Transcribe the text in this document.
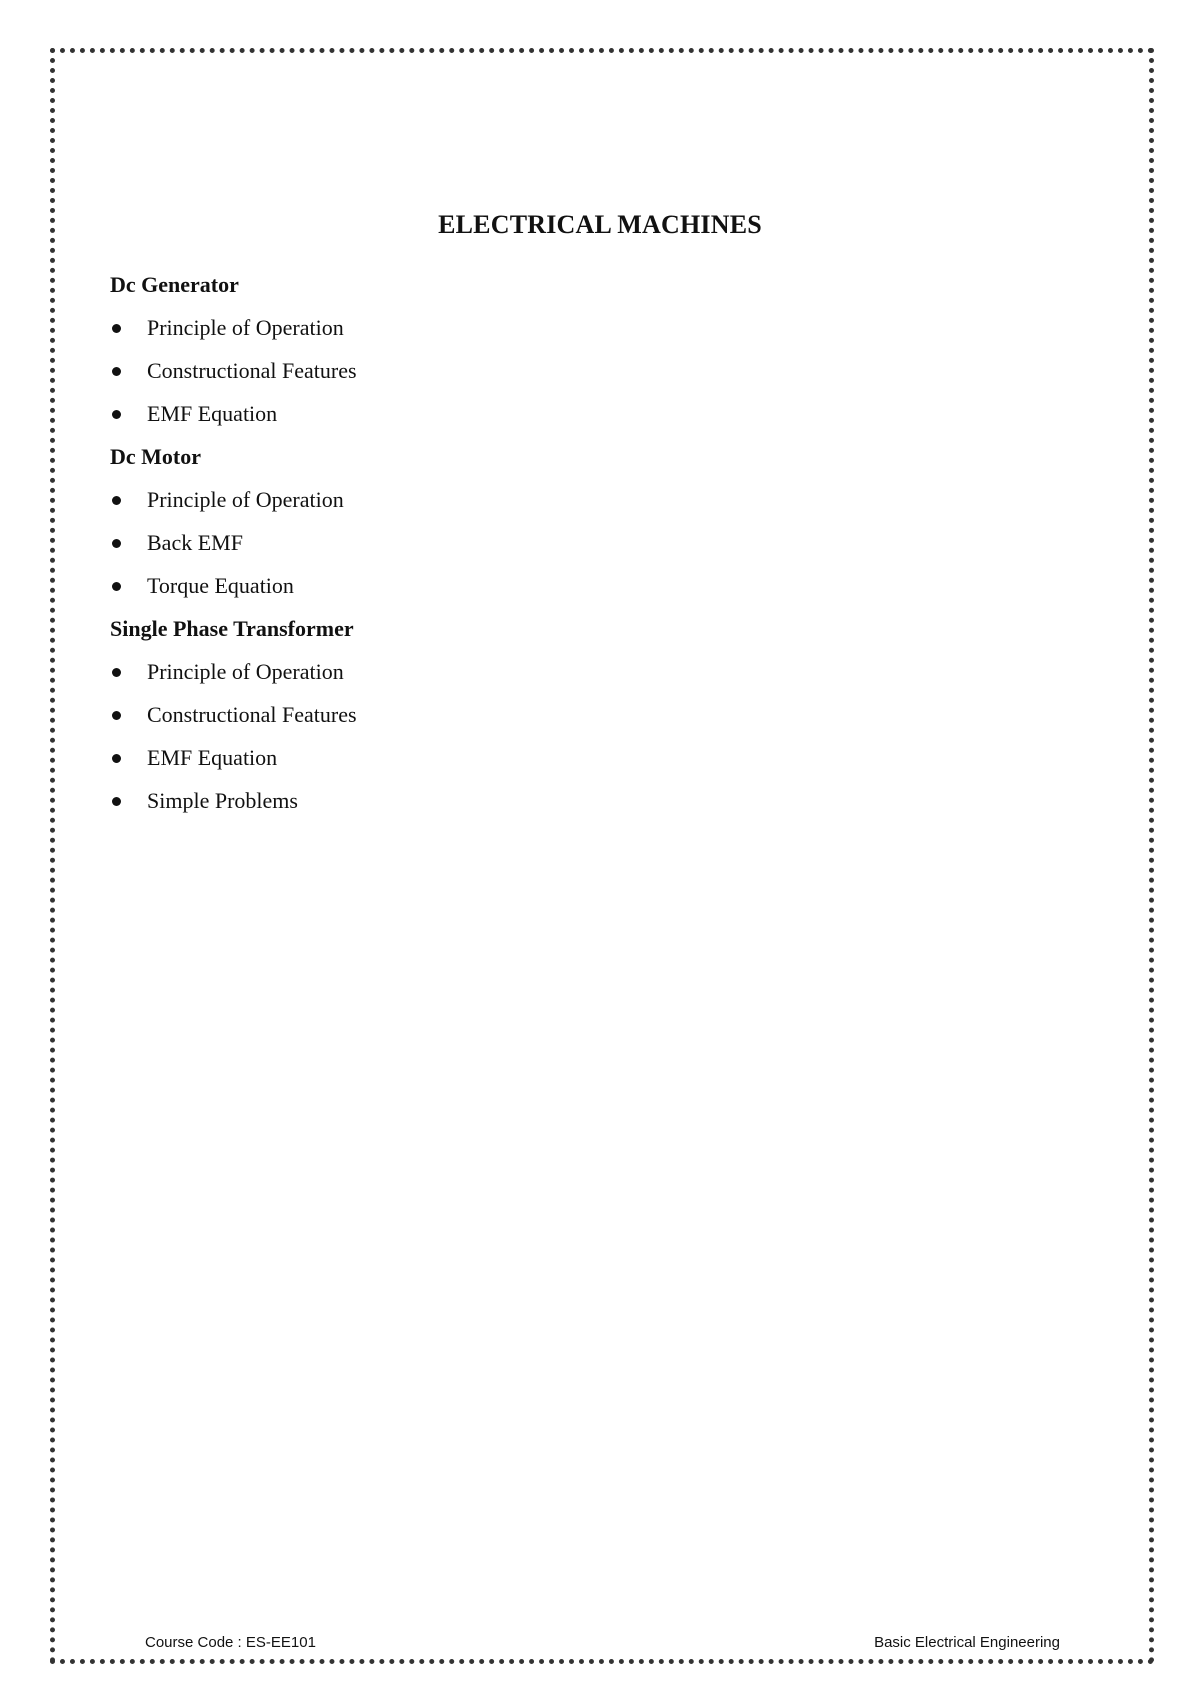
ELECTRICAL MACHINES
Dc Generator
Principle of Operation
Constructional Features
EMF Equation
Dc Motor
Principle of Operation
Back EMF
Torque Equation
Single Phase Transformer
Principle of Operation
Constructional Features
EMF Equation
Simple Problems
Course Code : ES-EE101	Basic Electrical Engineering
